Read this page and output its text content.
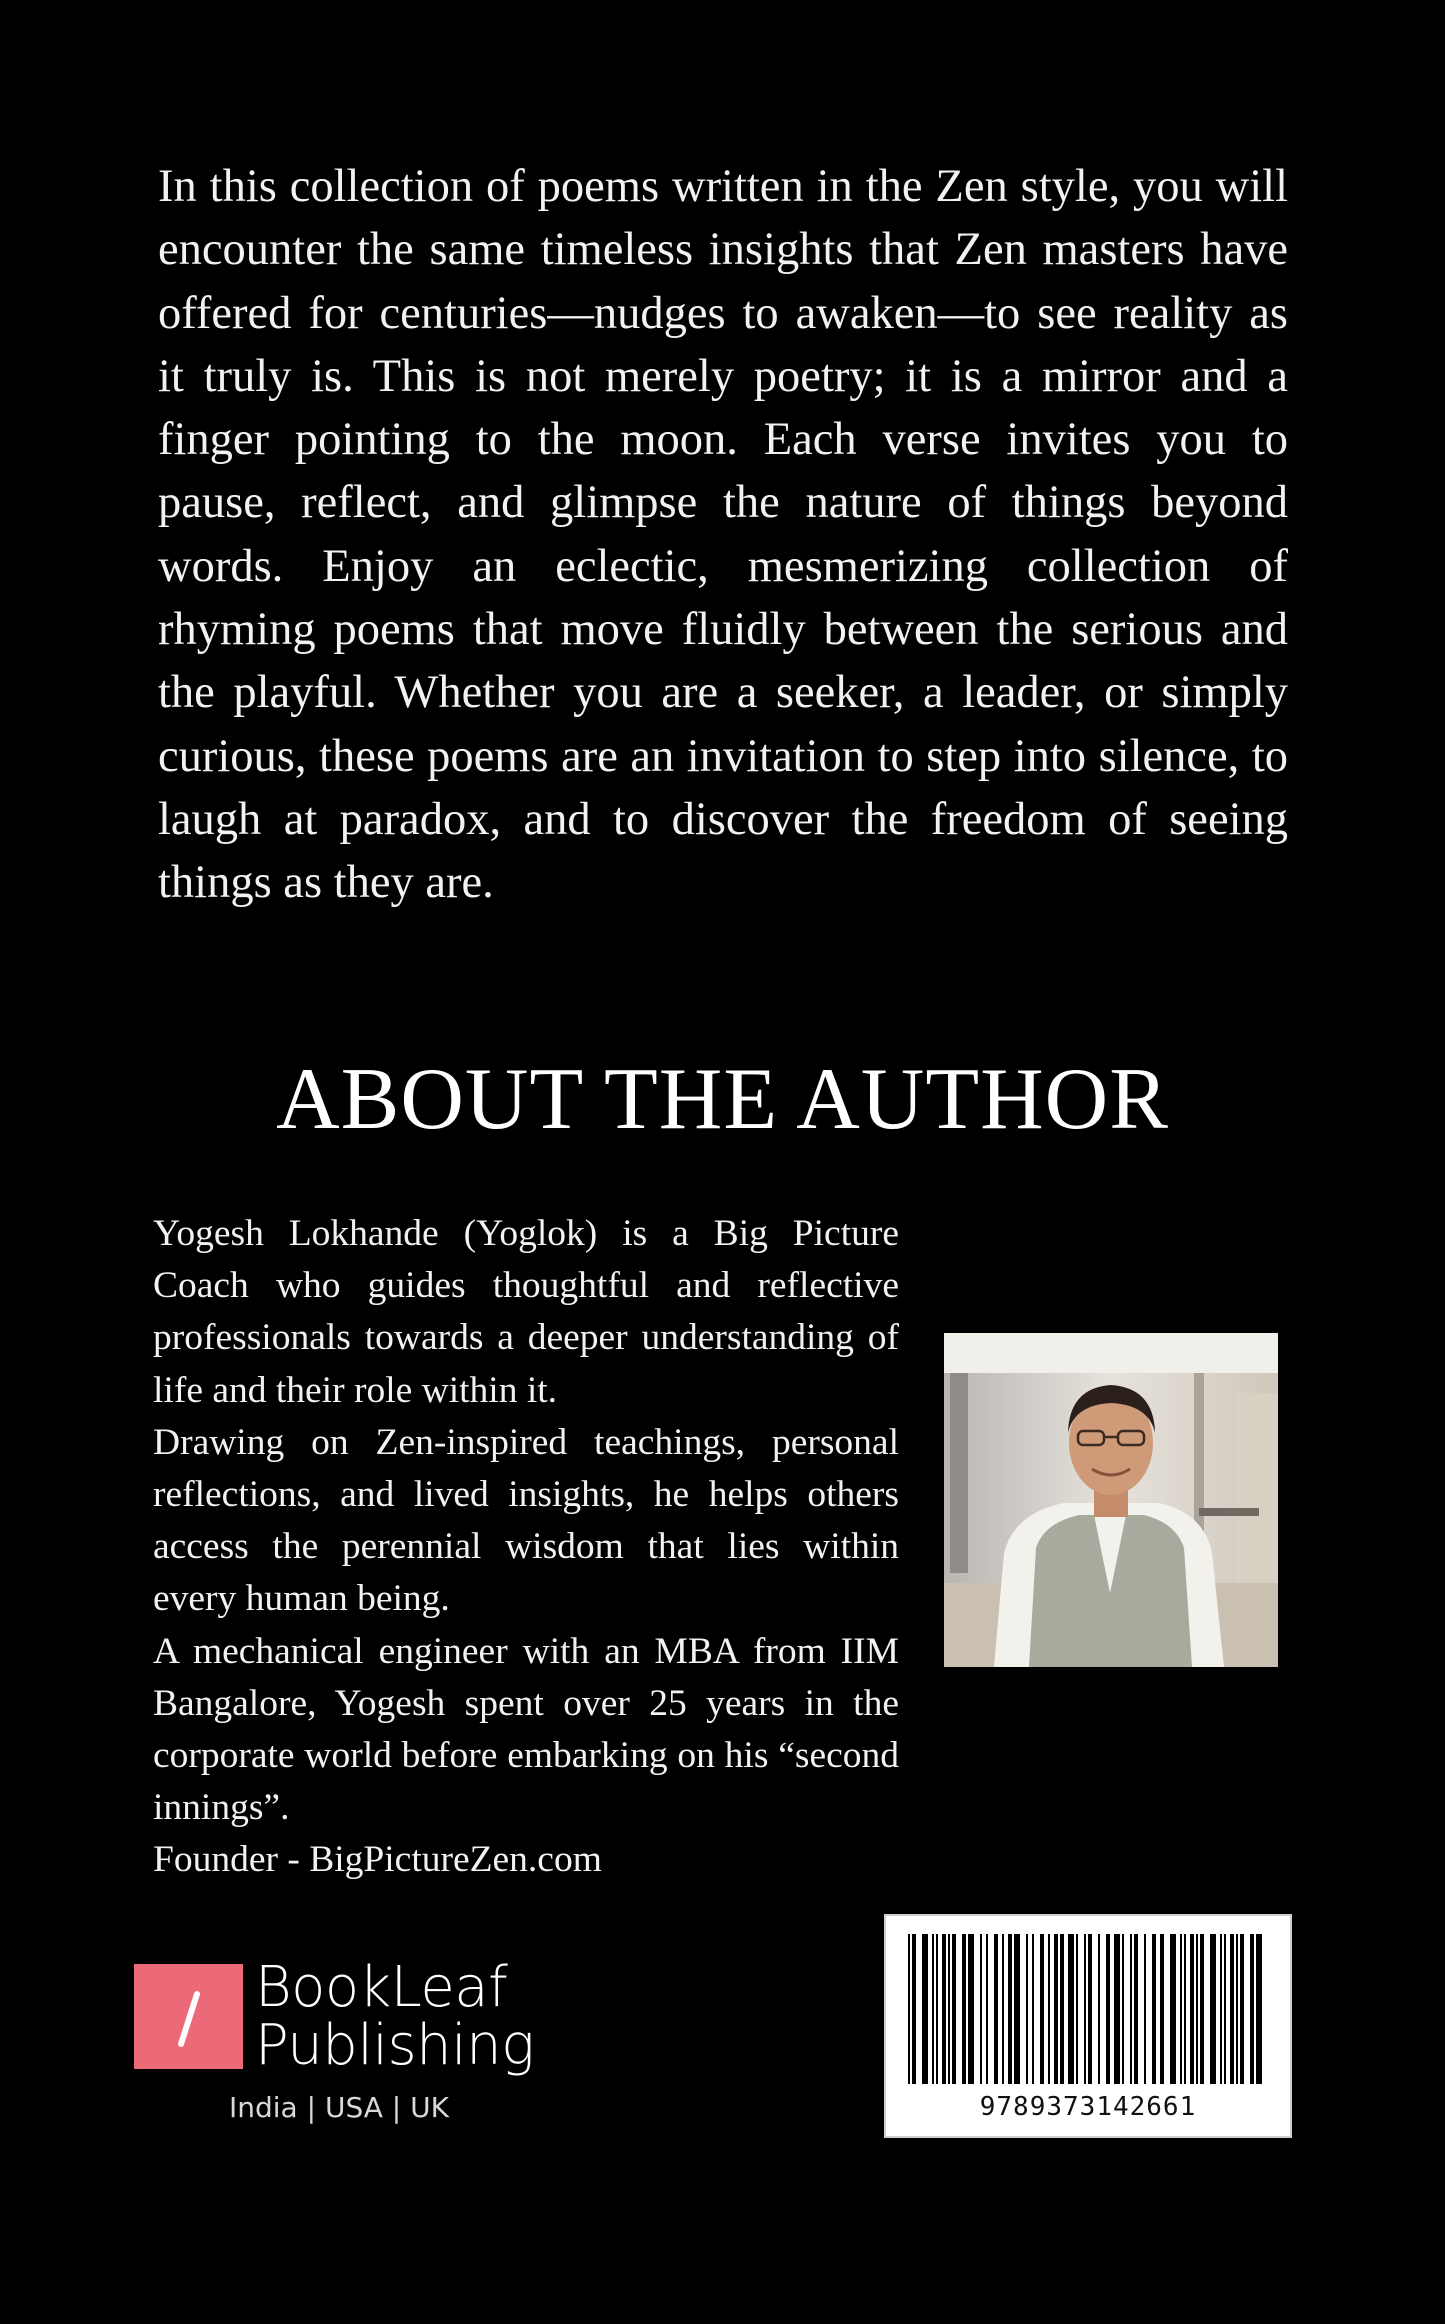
In this collection of poems written in the Zen style, you will encounter the same timeless insights that Zen masters have offered for centuries—nudges to awaken—to see reality as it truly is. This is not merely poetry; it is a mirror and a finger pointing to the moon. Each verse invites you to pause, reflect, and glimpse the nature of things beyond words. Enjoy an eclectic, mesmerizing collection of rhyming poems that move fluidly between the serious and the playful. Whether you are a seeker, a leader, or simply curious, these poems are an invitation to step into silence, to laugh at paradox, and to discover the freedom of seeing things as they are.
ABOUT THE AUTHOR

Yogesh Lokhande (Yoglok) is a Big Picture Coach who guides thoughtful and reflective professionals towards a deeper understanding of life and their role within it.

Drawing on Zen-inspired teachings, personal reflections, and lived insights, he helps others access the perennial wisdom that lies within every human being.

A mechanical engineer with an MBA from IIM Bangalore, Yogesh spent over 25 years in the corporate world before embarking on his “second innings”.

Founder - BigPictureZen.com

BookLeaf
Publishing
India | USA | UK	9789373142661
